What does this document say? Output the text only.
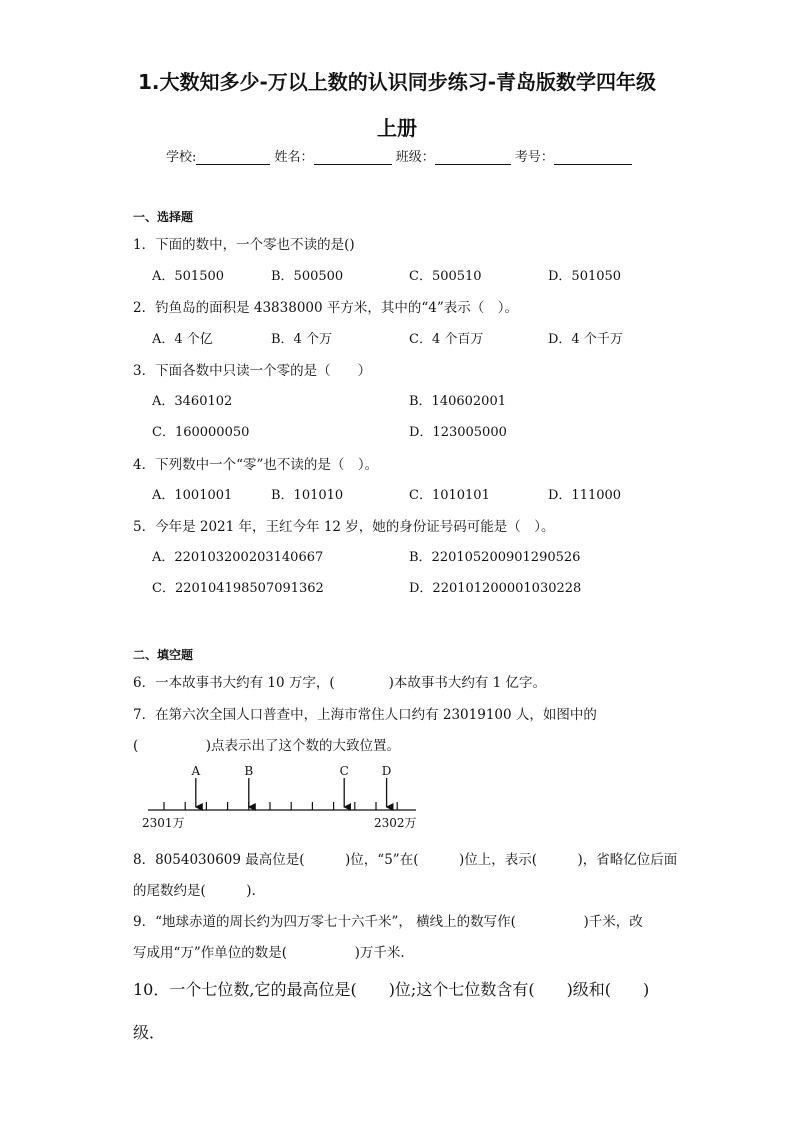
1.大数知多少-万以上数的认识同步练习-青岛版数学四年级
上册
学校:	姓名：	班级：	考号：
一、选择题
1．下面的数中，一个零也不读的是()
A．501500	B．500500	C．500510	D．501050
2．钓鱼岛的面积是 43838000 平方米，其中的“4”表示（　）。
A．4 个亿	B．4 个万	C．4 个百万	D．4 个千万
3．下面各数中只读一个零的是（　　）
A．3460102	B．140602001
C．160000050	D．123005000
4．下列数中一个“零”也不读的是（　）。
A．1001001	B．101010	C．1010101	D．111000
5．今年是 2021 年，王红今年 12 岁，她的身份证号码可能是（　）。
A．220103200203140667	B．220105200901290526
C．220104198507091362	D．220101200001030228
二、填空题
6．一本故事书大约有 10 万字，(　　　　)本故事书大约有 1 亿字。
7．在第六次全国人口普查中，上海市常住人口约有 23019100 人，如图中的
(　　　　　)点表示出了这个数的大致位置。
A	B	C	D
2301万	2302万
8．8054030609 最高位是(　　　)位，“5”在(　　　)位上，表示(　　　)，省略亿位后面
的尾数约是(　　　).
9．“地球赤道的周长约为四万零七十六千米”， 横线上的数写作(　　　　　)千米，改
写成用“万”作单位的数是(　　　　　)万千米.
10．一个七位数,它的最高位是(　　)位;这个七位数含有(　　)级和(　　)
级．
